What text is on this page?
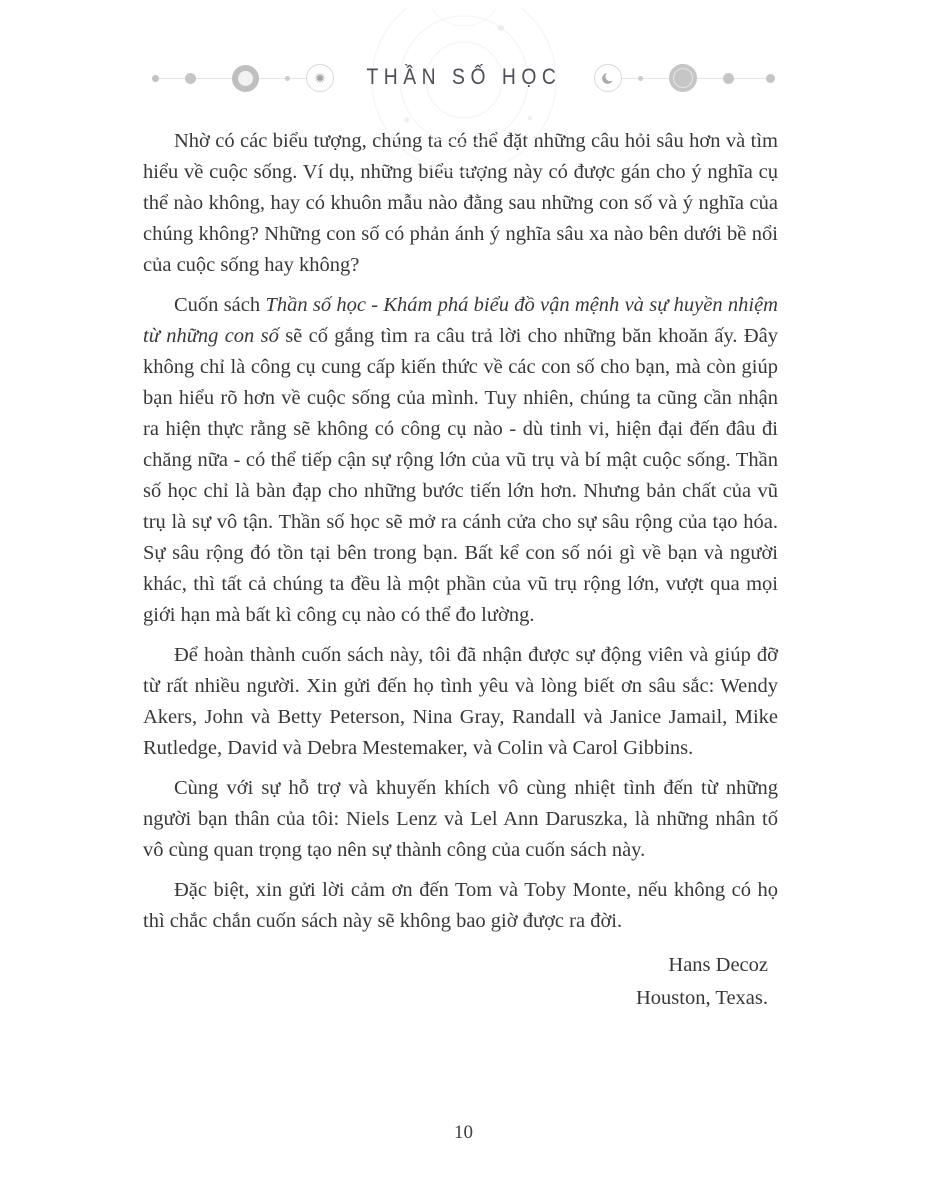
THẦN SỐ HỌC

Nhờ có các biểu tượng, chúng ta có thể đặt những câu hỏi sâu hơn và tìm hiểu về cuộc sống. Ví dụ, những biểu tượng này có được gán cho ý nghĩa cụ thể nào không, hay có khuôn mẫu nào đằng sau những con số và ý nghĩa của chúng không? Những con số có phản ánh ý nghĩa sâu xa nào bên dưới bề nổi của cuộc sống hay không?

Cuốn sách Thần số học - Khám phá biểu đồ vận mệnh và sự huyền nhiệm từ những con số sẽ cố gắng tìm ra câu trả lời cho những băn khoăn ấy. Đây không chỉ là công cụ cung cấp kiến thức về các con số cho bạn, mà còn giúp bạn hiểu rõ hơn về cuộc sống của mình. Tuy nhiên, chúng ta cũng cần nhận ra hiện thực rằng sẽ không có công cụ nào - dù tinh vi, hiện đại đến đâu đi chăng nữa - có thể tiếp cận sự rộng lớn của vũ trụ và bí mật cuộc sống. Thần số học chỉ là bàn đạp cho những bước tiến lớn hơn. Nhưng bản chất của vũ trụ là sự vô tận. Thần số học sẽ mở ra cánh cửa cho sự sâu rộng của tạo hóa. Sự sâu rộng đó tồn tại bên trong bạn. Bất kể con số nói gì về bạn và người khác, thì tất cả chúng ta đều là một phần của vũ trụ rộng lớn, vượt qua mọi giới hạn mà bất kì công cụ nào có thể đo lường.

Để hoàn thành cuốn sách này, tôi đã nhận được sự động viên và giúp đỡ từ rất nhiều người. Xin gửi đến họ tình yêu và lòng biết ơn sâu sắc: Wendy Akers, John và Betty Peterson, Nina Gray, Randall và Janice Jamail, Mike Rutledge, David và Debra Mestemaker, và Colin và Carol Gibbins.

Cùng với sự hỗ trợ và khuyến khích vô cùng nhiệt tình đến từ những người bạn thân của tôi: Niels Lenz và Lel Ann Daruszka, là những nhân tố vô cùng quan trọng tạo nên sự thành công của cuốn sách này.

Đặc biệt, xin gửi lời cảm ơn đến Tom và Toby Monte, nếu không có họ thì chắc chắn cuốn sách này sẽ không bao giờ được ra đời.

Hans Decoz
Houston, Texas.
10
